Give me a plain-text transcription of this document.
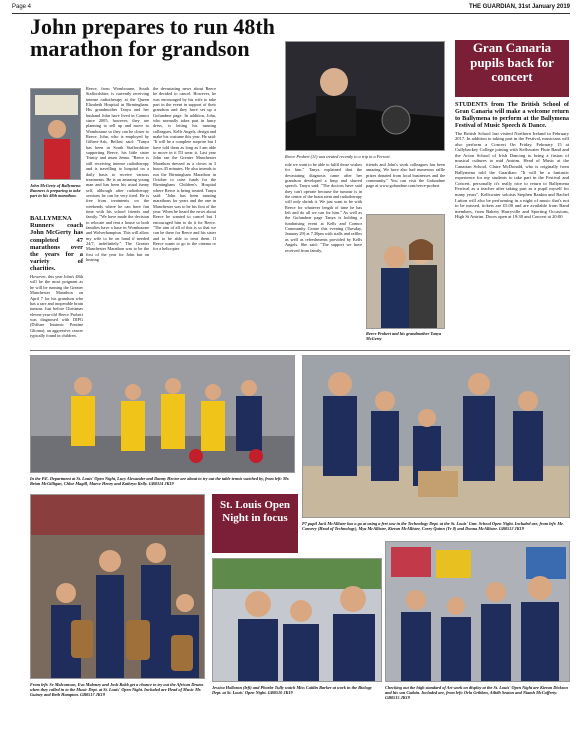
Page 4	THE GUARDIAN, 31st January 2019
John prepares to run 48th marathon for grandson
John McGerty of Ballymena Runners is preparing to take part in his 48th marathon.

BALLYMENA Runners coach John McGerty has completed 47 marathons over the years for a variety of charities.

However, this year John's 48th will be the most poignant as he will be running the Greater Manchester Marathon on April 7 for his grandson who has a rare and inoperable brain tumour. Just before Christmas eleven-year-old Reece Probert was diagnosed with DIPG (Diffuse Intrinsic Pontine Glioma), an aggressive cancer typically found in children.

Reece, from Wombourne, South Staffordshire, is currently receiving intense radiotherapy at the Queen Elizabeth Hospital in Birmingham. His grandmother Tanya and her husband John have lived in Connor since 2005, however, they are planning to sell up and move to Wombourne so they can be closer to Reece. John, who is employed by Gilbert-Ash, Belfast said: "Tanya has been in South Staffordshire supporting Reece, his little sister Trinity and mum Jenna. "Reece is still receiving intense radiotherapy and is travelling to hospital on a daily basis to receive various treatments. He is an amazing young man and has been his usual funny self, although after radiotherapy sessions he can be very tired. He is free from treatments on the weekends where he can have fun time with his school friends and family. "We have made the decision to relocate and rent a house so both families have a base in Wombourne and Wolverhampton. This will allow my wife to be on hand if needed 24/7, indefinitely." The Greater Manchester Marathon was to be the first of the year for John but on hearing

the devastating news about Reece he decided to cancel. However, he was encouraged by his wife to take part in the event in support of their grandson and they have set up a Gofundme page. In addition, John, who normally takes part in fancy dress, is letting his running colleagues, Kells Angels, design and make his costume this year. He said: "It will be a complete surprise but I have told them as long as I am able to move in it I'll wear it. Last year John ran the Greater Manchester Marathon dressed as a clown in 3 hours 45 minutes. He also intends to run the Birmingham Marathon in October to raise funds for the Birmingham Children's Hospital where Reece is being treated. Tanya said: "John has been running marathons for years and the one in Manchester was to be his first of the year. When he heard the news about Reece he wanted to cancel but I encouraged him to do it for Reece. "The aim of all of this is so that we can be there for Reece and his sister and to be able to treat them. If Reece wants to go to the cinema or for a helicopter

Reece Probert (11) was treated recently to a trip in a Ferrari.

ride we want to be able to fulfil those wishes for him." Tanya explained that the devastating diagnosis came after her grandson developed a limp and slurred speech. Tanya said: "The doctors have said they can't operate because the tumour is in the centre of the brain stem and radiotherapy will only shrink it. We just want to be with Reece for whatever length of time he has left and do all we can for him." As well as the Gofundme page Tanya is holding a fundraising event at Kells and Connor Community Centre this evening (Tuesday, January 29) at 7.30pm with stalls and raffles as well as refreshments provided by Kells Angels. She said: "The support we have received from family,

friends and John's work colleagues has been amazing. We have also had numerous raffle prizes donated from local businesses and the community." You can visit the Gofundme page at www.gofundme.com/reece-probert

Reece Probert and his grandmother Tanya McGerty
Gran Canaria pupils back for concert

STUDENTS from The British School of Gran Canaria will make a welcome return to Ballymena to perform at the Ballymena Festival of Music Speech & Dance.

The British School last visited Northern Ireland in February 2017. In addition to taking part in the Festival, musicians will also perform a Concert On Friday, February 15 at Cullybackey College joining with Kellswater Flute Band and the Acton School of Irish Dancing to bring a fusion of musical cultures to mid Antrim. Head of Music at the Canarian School, Claire McDonald, who is originally from Ballymena told the Guardian: "It will be a fantastic experience for my students to take part in the Festival and Concert, personally it's really nice to return to Ballymena Festival as a teacher after taking part as a pupil myself for many years". Kellswater soloists Stephen Rankin and Rachel Lutton will also be performing in a night of music that's not to be missed, tickets are £5.00 and are available from Band members, from Bakery Harryville and Sporting Occasions, High St Antrim. Doors open at 19:30 and Concert at 20:00

In the P.E. Department at St. Louis' Open Night, Lucy Alexander and Danny Hector are about to try out the table tennis watched by, from left: Mr. Brian McGilligan, Chloe Magill, Maeve Henry and Kathryn Kelly. GB0314 JK19
P7 pupil Jack McAllister has a go at using a fret saw in the Technology Dept. at the St. Louis' Gmr. School Open Night. Included are, from left: Mr. Convery (Head of Technology), Mya McAllister, Kieran McAllister, Corey Quinn (Yr 8) and Donna McAllister. GB0512 JK19
From left: Se Malcomson, Eva Maloney and Josh Robb get a chance to try out the African Drums when they called in to the Music Dept. at St. Louis' Open Night. Included are Head of Music Mr. Guiney and Beth Hampton. GB0517 JK19
St. Louis Open Night in focus
Jessica Holloran (left) and Phoebe Tully watch Miss Caitlin Barker at work in the Biology Dept. at St. Louis' Open Night. GB0510 JK19
Checking out the high standard of Art work on display at the St. Louis' Open Night are Kieran Dickson and his son Cadain. Included are, from left: Orla Gribben, Ailidh Seaton and Niamh McCafferty. GB0515 JK19
